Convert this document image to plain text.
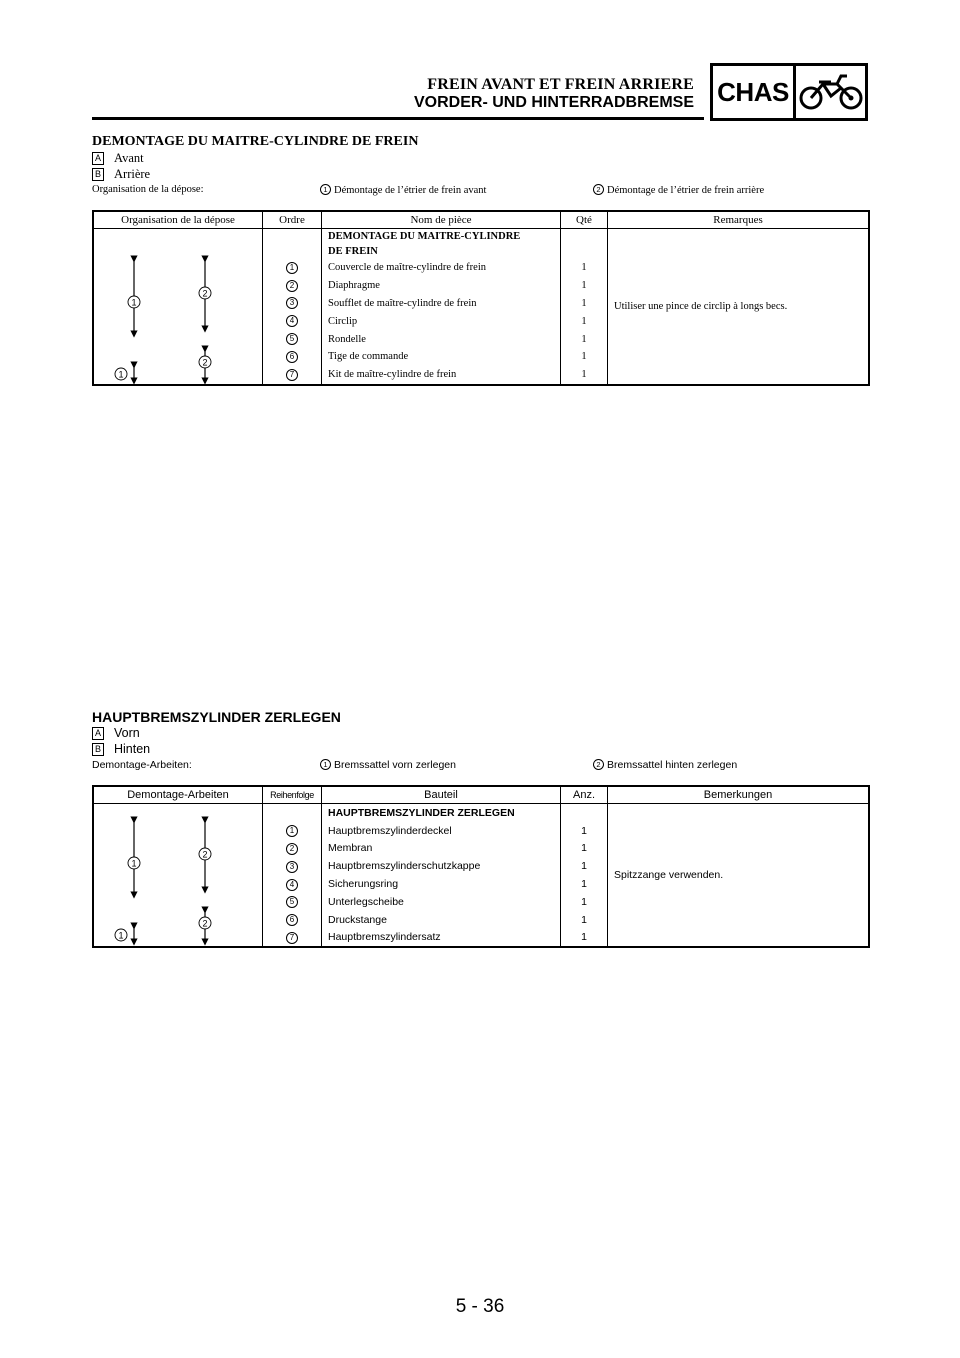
FREIN AVANT ET FREIN ARRIERE
VORDER- UND HINTERRADBREMSE CHAS
DEMONTAGE DU MAITRE-CYLINDRE DE FREIN
A Avant
B Arrière
Organisation de la dépose:	1 Démontage de l’étrier de frein avant	2 Démontage de l’étrier de frein arrière
Organisation de la dépose	Ordre	Nom de pièce	Qté	Remarques

1
2
1
2		DEMONTAGE DU MAITRE-CYLINDRE
DE FREIN		Utiliser une pince de circlip à longs becs.
	1	Couvercle de maître-cylindre de frein	1	
	2	Diaphragme	1	
	3	Soufflet de maître-cylindre de frein	1	
	4	Circlip	1	
	5	Rondelle	1	
	6	Tige de commande	1	
	7	Kit de maître-cylindre de frein	1	
HAUPTBREMSZYLINDER ZERLEGEN
A Vorn
B Hinten
Demontage-Arbeiten:	1 Bremssattel vorn zerlegen	2 Bremssattel hinten zerlegen
Demontage-Arbeiten	Reihenfolge	Bauteil	Anz.	Bemerkungen

1
2
1
2		HAUPTBREMSZYLINDER ZERLEGEN		Spitzzange verwenden.
	1	Hauptbremszylinderdeckel	1	
	2	Membran	1	
	3	Hauptbremszylinderschutzkappe	1	
	4	Sicherungsring	1	
	5	Unterlegscheibe	1	
	6	Druckstange	1	
	7	Hauptbremszylindersatz	1	
5 - 36
